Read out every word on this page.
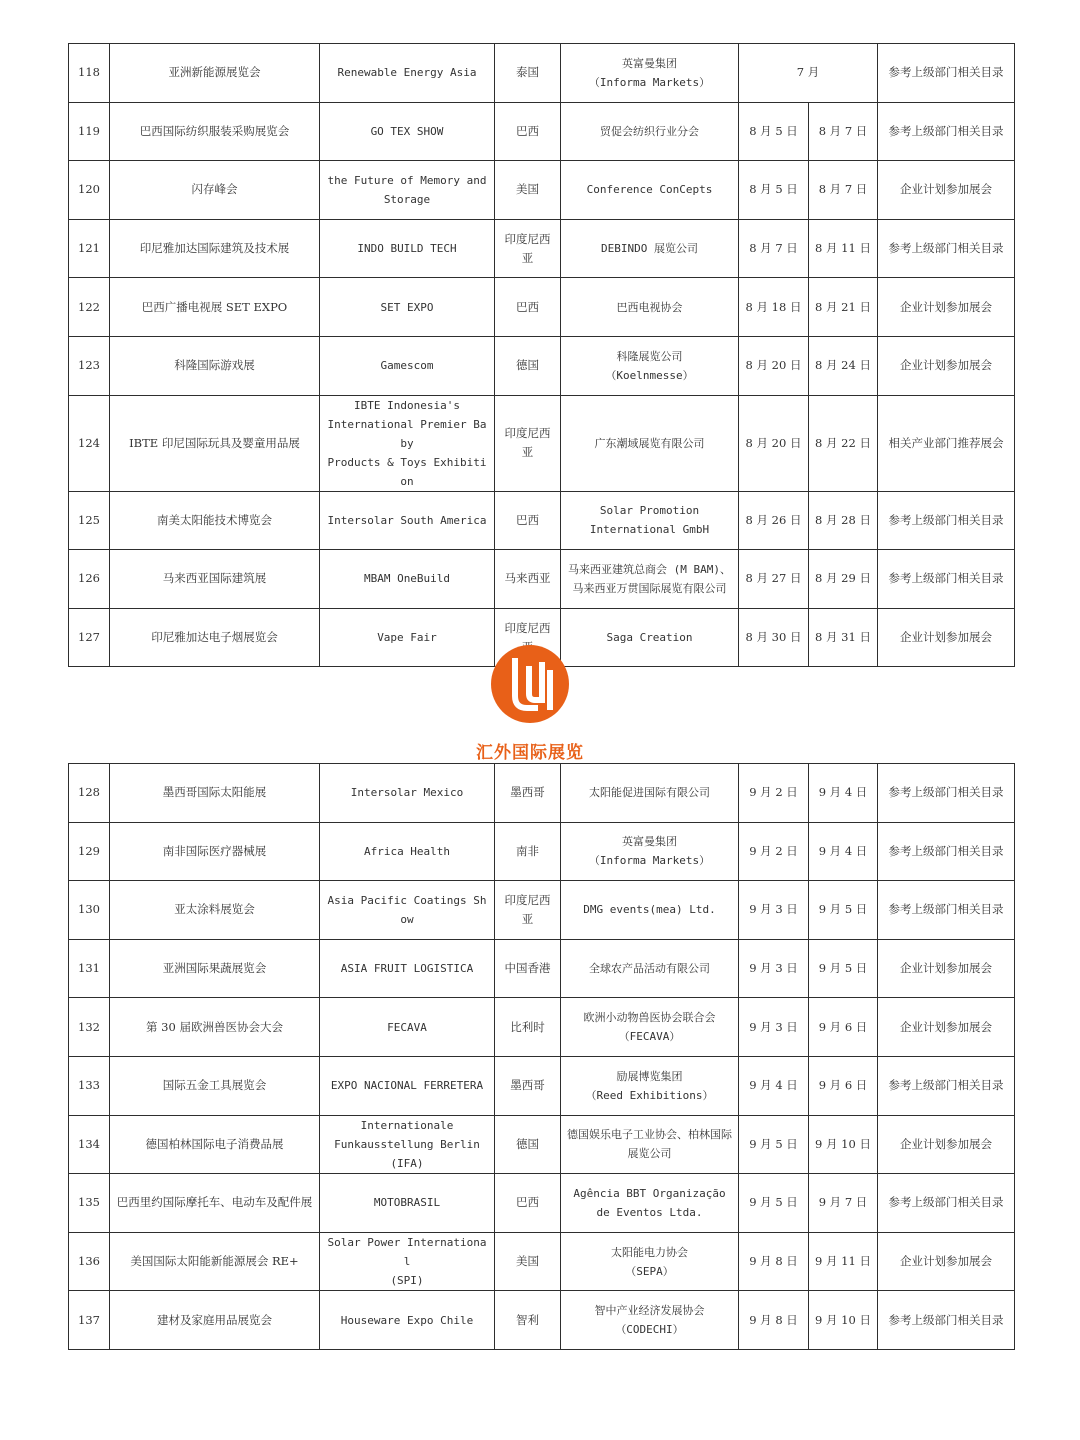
118	亚洲新能源展览会	Renewable Energy Asia	泰国	英富曼集团
（Informa Markets）	7 月		参考上级部门相关目录
119	巴西国际纺织服装采购展览会	GO TEX SHOW	巴西	贸促会纺织行业分会	8 月 5 日	8 月 7 日	参考上级部门相关目录
120	闪存峰会	the Future of Memory and Storage	美国	Conference ConCepts	8 月 5 日	8 月 7 日	企业计划参加展会
121	印尼雅加达国际建筑及技术展	INDO BUILD TECH	印度尼西亚	DEBINDO 展览公司	8 月 7 日	8 月 11 日	参考上级部门相关目录
122	巴西广播电视展 SET EXPO	SET EXPO	巴西	巴西电视协会	8 月 18 日	8 月 21 日	企业计划参加展会
123	科隆国际游戏展	Gamescom	德国	科隆展览公司
（Koelnmesse）	8 月 20 日	8 月 24 日	企业计划参加展会
124	IBTE 印尼国际玩具及婴童用品展	IBTE Indonesia's
International Premier Baby
Products & Toys Exhibition	印度尼西亚	广东潮域展览有限公司	8 月 20 日	8 月 22 日	相关产业部门推荐展会
125	南美太阳能技术博览会	Intersolar South America	巴西	Solar Promotion
International GmbH	8 月 26 日	8 月 28 日	参考上级部门相关目录
126	马来西亚国际建筑展	MBAM OneBuild	马来西亚	马来西亚建筑总商会 (M BAM)、马来西亚万贯国际展览有限公司	8 月 27 日	8 月 29 日	参考上级部门相关目录
127	印尼雅加达电子烟展览会	Vape Fair	印度尼西	Saga Creation	8 月 30 日	8 月 31 日	企业计划参加展会
汇外国际展览
128	墨西哥国际太阳能展	Intersolar Mexico	墨西哥	太阳能促进国际有限公司	9 月 2 日	9 月 4 日	参考上级部门相关目录
129	南非国际医疗器械展	Africa Health	南非	英富曼集团
（Informa Markets）	9 月 2 日	9 月 4 日	参考上级部门相关目录
130	亚太涂料展览会	Asia Pacific Coatings Show	印度尼西亚	DMG events(mea) Ltd.	9 月 3 日	9 月 5 日	参考上级部门相关目录
131	亚洲国际果蔬展览会	ASIA FRUIT LOGISTICA	中国香港	全球农产品活动有限公司	9 月 3 日	9 月 5 日	企业计划参加展会
132	第 30 届欧洲兽医协会大会	FECAVA	比利时	欧洲小动物兽医协会联合会
（FECAVA）	9 月 3 日	9 月 6 日	企业计划参加展会
133	国际五金工具展览会	EXPO NACIONAL FERRETERA	墨西哥	励展博览集团
（Reed Exhibitions）	9 月 4 日	9 月 6 日	参考上级部门相关目录
134	德国柏林国际电子消费品展	Internationale
Funkausstellung Berlin
(IFA)	德国	德国娱乐电子工业协会、柏林国际展览公司	9 月 5 日	9 月 10 日	企业计划参加展会
135	巴西里约国际摩托车、电动车及配件展	MOTOBRASIL	巴西	Agência BBT Organização
de Eventos Ltda.	9 月 5 日	9 月 7 日	参考上级部门相关目录
136	美国国际太阳能新能源展会 RE+	Solar Power International
(SPI)	美国	太阳能电力协会
（SEPA）	9 月 8 日	9 月 11 日	企业计划参加展会
137	建材及家庭用品展览会	Houseware Expo Chile	智利	智中产业经济发展协会
（CODECHI）	9 月 8 日	9 月 10 日	参考上级部门相关目录
